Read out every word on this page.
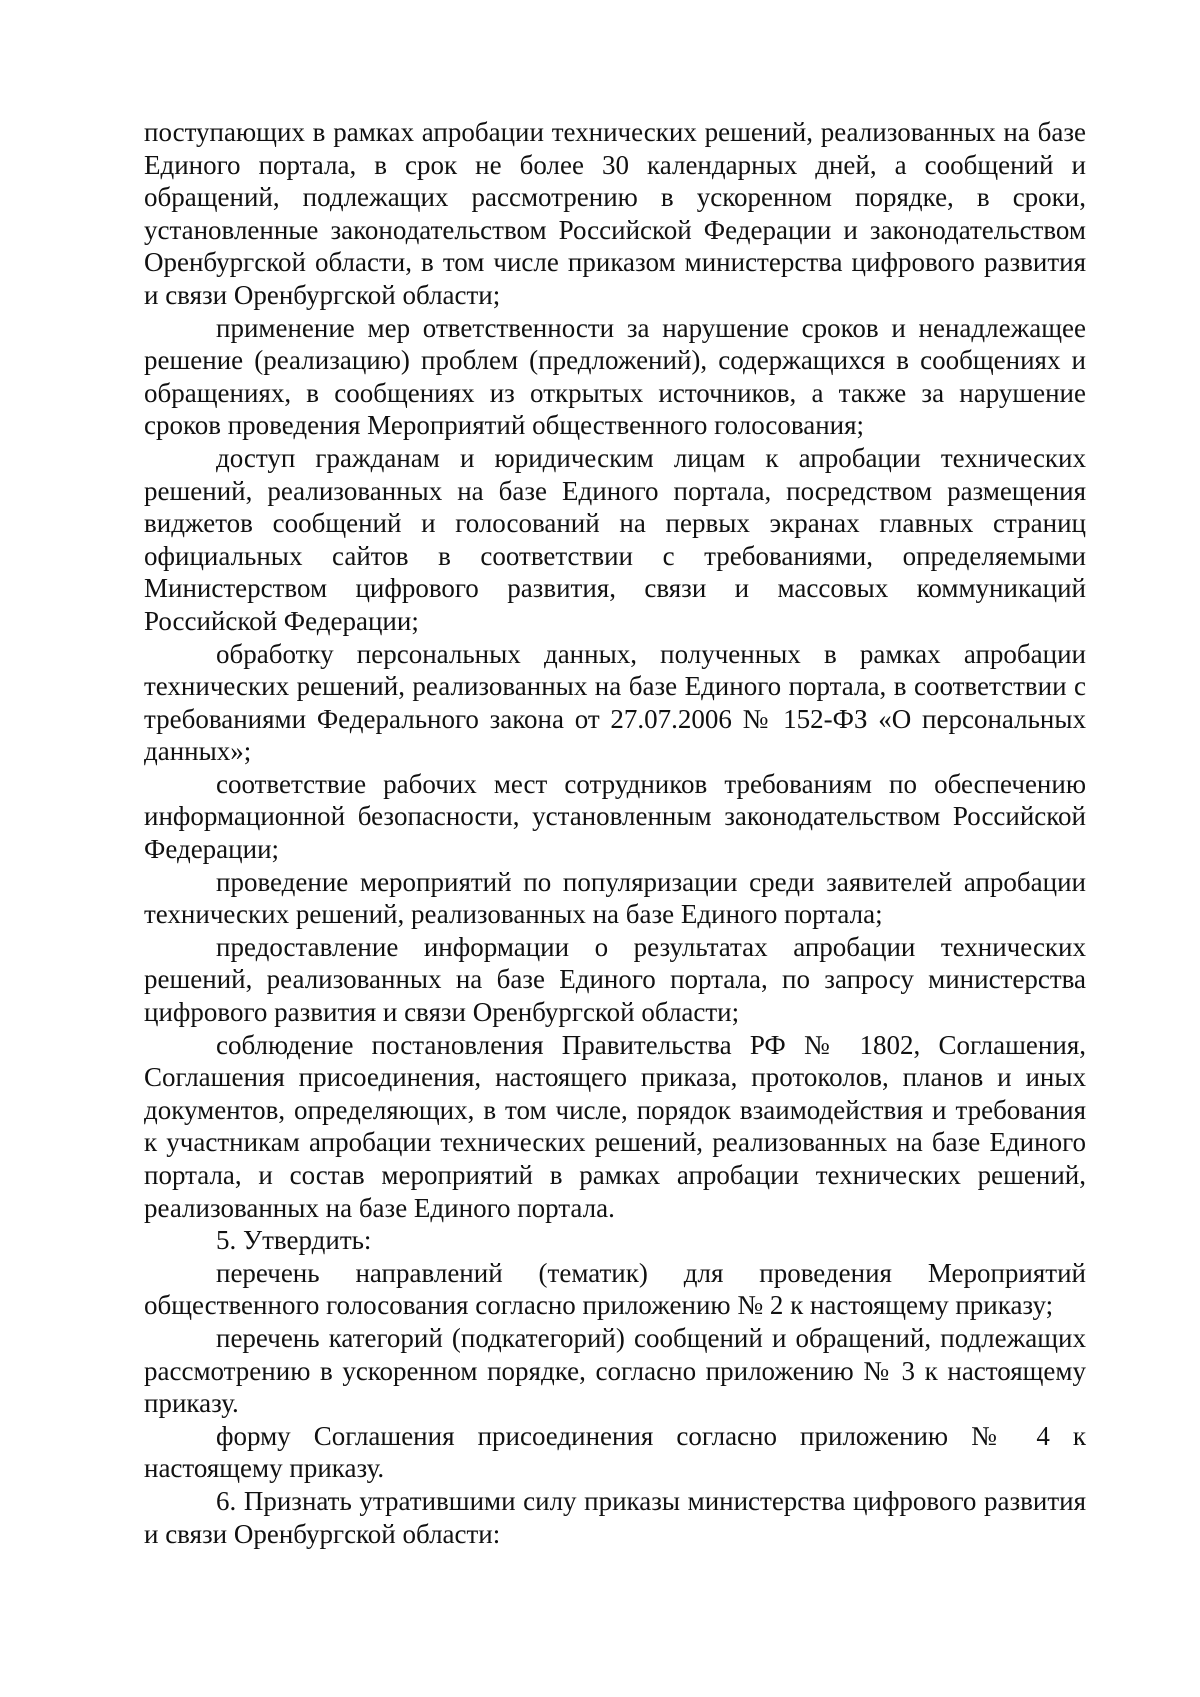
поступающих в рамках апробации технических решений, реализованных на базе Единого портала, в срок не более 30 календарных дней, а сообщений и обращений, подлежащих рассмотрению в ускоренном порядке, в сроки, установленные законодательством Российской Федерации и законодательством Оренбургской области, в том числе приказом министерства цифрового развития и связи Оренбургской области;

применение мер ответственности за нарушение сроков и ненадлежащее решение (реализацию) проблем (предложений), содержащихся в сообщениях и обращениях, в сообщениях из открытых источников, а также за нарушение сроков проведения Мероприятий общественного голосования;

доступ гражданам и юридическим лицам к апробации технических решений, реализованных на базе Единого портала, посредством размещения виджетов сообщений и голосований на первых экранах главных страниц официальных сайтов в соответствии с требованиями, определяемыми Министерством цифрового развития, связи и массовых коммуникаций Российской Федерации;

обработку персональных данных, полученных в рамках апробации технических решений, реализованных на базе Единого портала, в соответствии с требованиями Федерального закона от 27.07.2006 № 152-ФЗ «О персональных данных»;

соответствие рабочих мест сотрудников требованиям по обеспечению информационной безопасности, установленным законодательством Российской Федерации;

проведение мероприятий по популяризации среди заявителей апробации технических решений, реализованных на базе Единого портала;

предоставление информации о результатах апробации технических решений, реализованных на базе Единого портала, по запросу министерства цифрового развития и связи Оренбургской области;

соблюдение постановления Правительства РФ № 1802, Соглашения, Соглашения присоединения, настоящего приказа, протоколов, планов и иных документов, определяющих, в том числе, порядок взаимодействия и требования к участникам апробации технических решений, реализованных на базе Единого портала, и состав мероприятий в рамках апробации технических решений, реализованных на базе Единого портала.

5. Утвердить:

перечень направлений (тематик) для проведения Мероприятий общественного голосования согласно приложению № 2 к настоящему приказу;

перечень категорий (подкатегорий) сообщений и обращений, подлежащих рассмотрению в ускоренном порядке, согласно приложению № 3 к настоящему приказу.

форму Соглашения присоединения согласно приложению № 4 к настоящему приказу.

6. Признать утратившими силу приказы министерства цифрового развития и связи Оренбургской области:
